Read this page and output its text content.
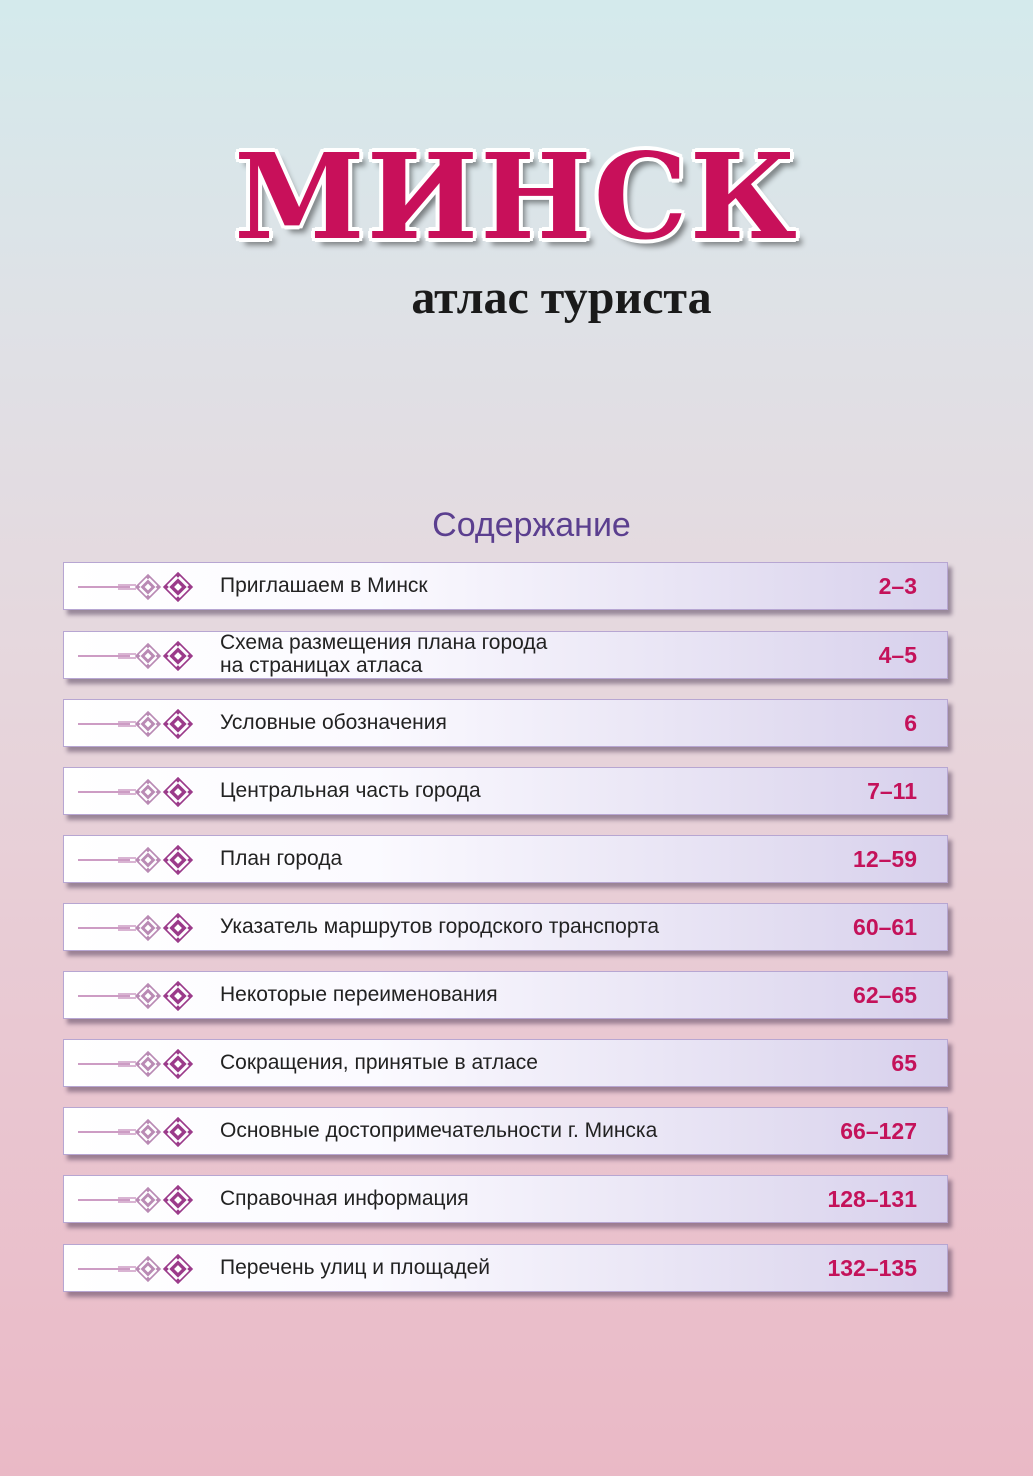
МИНСК
атлас туриста
Содержание
Приглашаем в Минск	2–3
Схема размещения плана города
на страницах атласа	4–5
Условные обозначения	6
Центральная часть города	7–11
План города	12–59
Указатель маршрутов городского транспорта	60–61
Некоторые переименования	62–65
Сокращения, принятые в атласе	65
Основные достопримечательности г. Минска	66–127
Справочная информация	128–131
Перечень улиц и площадей	132–135
